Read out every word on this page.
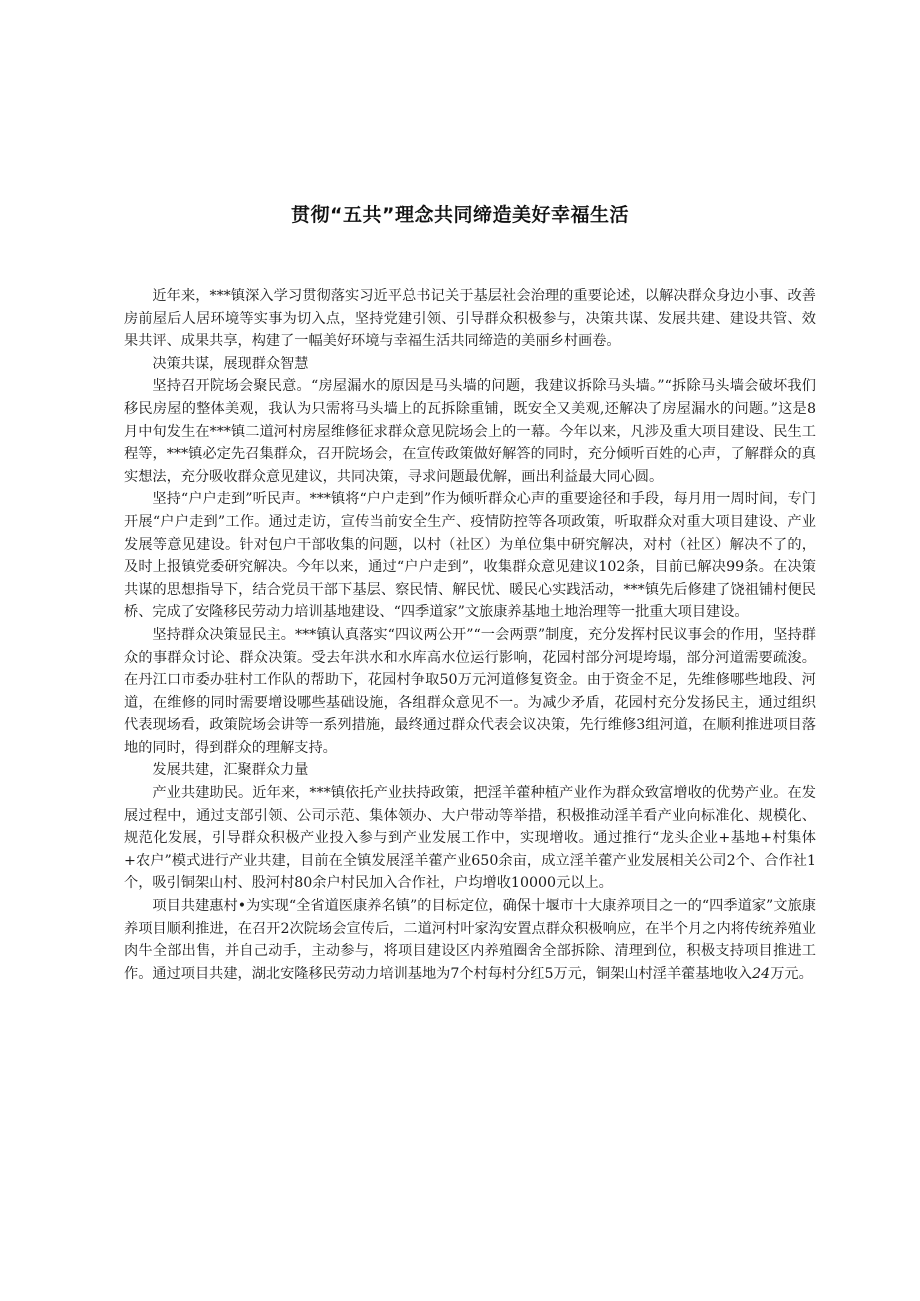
贯彻“五共”理念共同缔造美好幸福生活

近年来，***镇深入学习贯彻落实习近平总书记关于基层社会治理的重要论述，以解决群众身边小事、改善房前屋后人居环境等实事为切入点，坚持党建引领、引导群众积极参与，决策共谋、发展共建、建设共管、效果共评、成果共享，构建了一幅美好环境与幸福生活共同缔造的美丽乡村画卷。

决策共谋，展现群众智慧

坚持召开院场会聚民意。“房屋漏水的原因是马头墙的问题，我建议拆除马头墙。”“拆除马头墙会破坏我们移民房屋的整体美观，我认为只需将马头墙上的瓦拆除重铺，既安全又美观,还解决了房屋漏水的问题。”这是8月中旬发生在***镇二道河村房屋维修征求群众意见院场会上的一幕。今年以来，凡涉及重大项目建设、民生工程等，***镇必定先召集群众，召开院场会，在宣传政策做好解答的同时，充分倾听百姓的心声，了解群众的真实想法，充分吸收群众意见建议，共同决策，寻求问题最优解，画出利益最大同心圆。

坚持“户户走到”听民声。***镇将“户户走到”作为倾听群众心声的重要途径和手段，每月用一周时间，专门开展“户户走到”工作。通过走访，宣传当前安全生产、疫情防控等各项政策，听取群众对重大项目建设、产业发展等意见建设。针对包户干部收集的问题，以村（社区）为单位集中研究解决，对村（社区）解决不了的，及时上报镇党委研究解决。今年以来，通过“户户走到”，收集群众意见建议102条，目前已解决99条。在决策共谋的思想指导下，结合党员干部下基层、察民情、解民忧、暖民心实践活动，***镇先后修建了饶祖铺村便民桥、完成了安隆移民劳动力培训基地建设、“四季道家”文旅康养基地土地治理等一批重大项目建设。

坚持群众决策显民主。***镇认真落实“四议两公开”“一会两票”制度，充分发挥村民议事会的作用，坚持群众的事群众讨论、群众决策。受去年洪水和水库高水位运行影响，花园村部分河堤垮塌，部分河道需要疏浚。在丹江口市委办驻村工作队的帮助下，花园村争取50万元河道修复资金。由于资金不足，先维修哪些地段、河道，在维修的同时需要增设哪些基础设施，各组群众意见不一。为减少矛盾，花园村充分发扬民主，通过组织代表现场看，政策院场会讲等一系列措施，最终通过群众代表会议决策，先行维修3组河道，在顺利推进项目落地的同时，得到群众的理解支持。

发展共建，汇聚群众力量

产业共建助民。近年来，***镇依托产业扶持政策，把淫羊藿种植产业作为群众致富增收的优势产业。在发展过程中，通过支部引领、公司示范、集体领办、大户带动等举措，积极推动淫羊看产业向标准化、规模化、规范化发展，引导群众积极产业投入参与到产业发展工作中，实现增收。通过推行“龙头企业+基地+村集体+农户”模式进行产业共建，目前在全镇发展淫羊藿产业650余亩，成立淫羊藿产业发展相关公司2个、合作社1个，吸引铜架山村、股河村80余户村民加入合作社，户均增收10000元以上。

项目共建惠村•为实现“全省道医康养名镇”的目标定位，确保十堰市十大康养项目之一的“四季道家”文旅康养项目顺利推进，在召开2次院场会宣传后，二道河村叶家沟安置点群众积极响应，在半个月之内将传统养殖业肉牛全部出售，并自己动手，主动参与，将项目建设区内养殖圈舍全部拆除、清理到位，积极支持项目推进工作。通过项目共建，湖北安隆移民劳动力培训基地为7个村每村分红5万元，铜架山村淫羊藿基地收入24万元。
